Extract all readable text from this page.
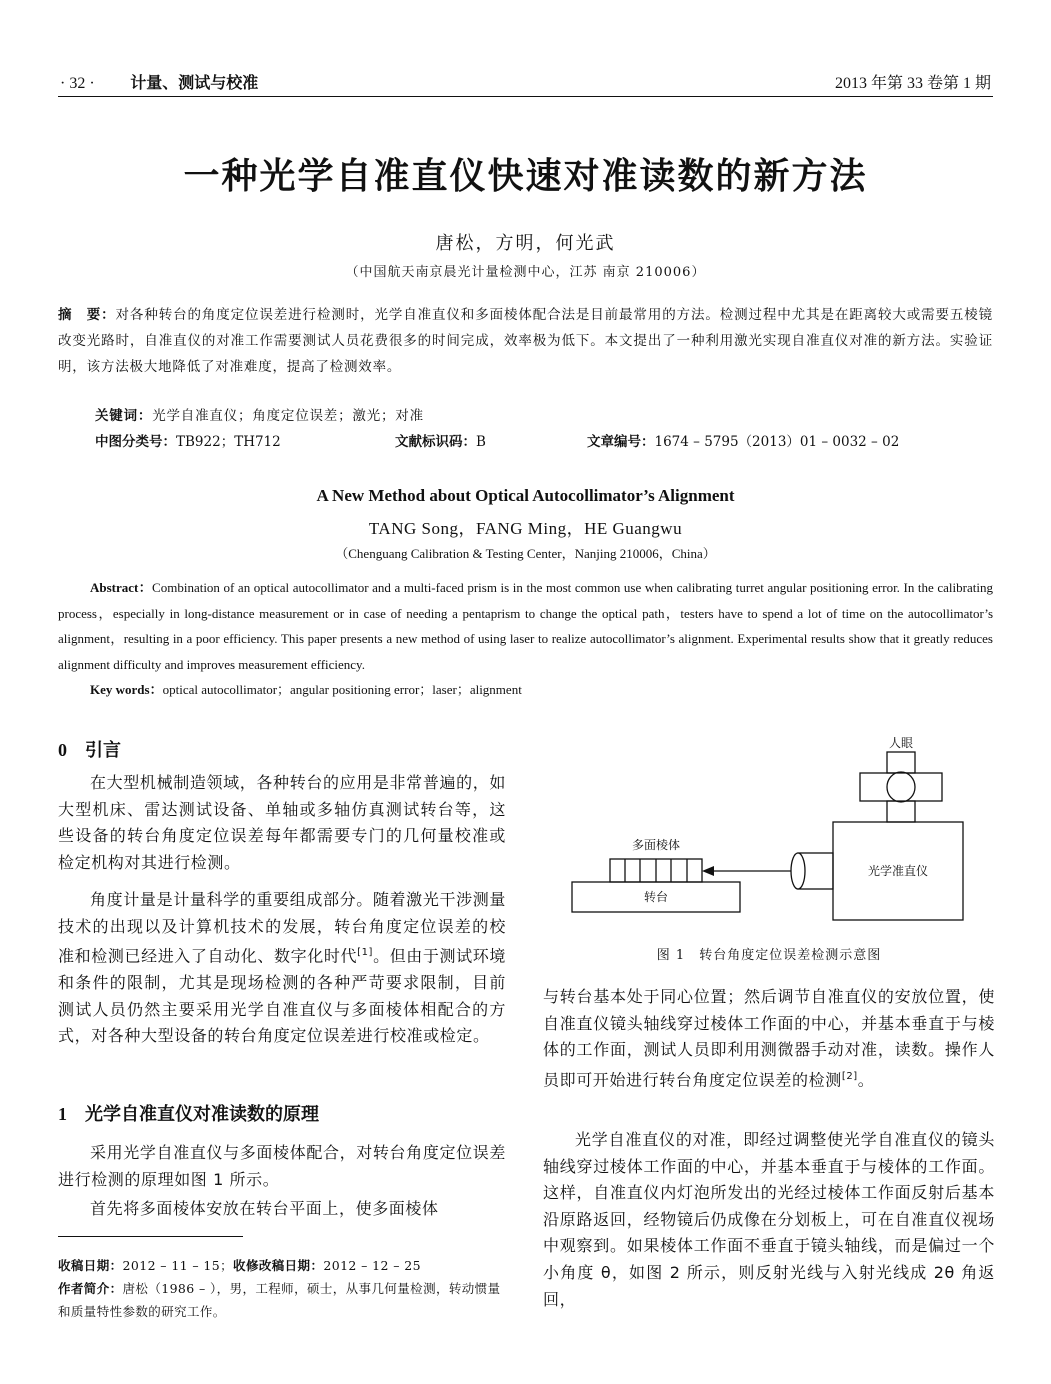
· 32 · 计量、测试与校准	2013 年第 33 卷第 1 期
一种光学自准直仪快速对准读数的新方法
唐松，方明，何光武
（中国航天南京晨光计量检测中心，江苏 南京 210006）
摘　要：对各种转台的角度定位误差进行检测时，光学自准直仪和多面棱体配合法是目前最常用的方法。检测过程中尤其是在距离较大或需要五棱镜改变光路时，自准直仪的对准工作需要测试人员花费很多的时间完成，效率极为低下。本文提出了一种利用激光实现自准直仪对准的新方法。实验证明，该方法极大地降低了对准难度，提高了检测效率。
关键词：光学自准直仪；角度定位误差；激光；对准
中图分类号：TB922；TH712	文献标识码：B	文章编号：1674 – 5795（2013）01 – 0032 – 02
A New Method about Optical Autocollimator’s Alignment
TANG Song，FANG Ming，HE Guangwu
（Chenguang Calibration & Testing Center，Nanjing 210006，China）
Abstract：Combination of an optical autocollimator and a multi-faced prism is in the most common use when calibrating turret angular positioning error. In the calibrating process，especially in long-distance measurement or in case of needing a pentaprism to change the optical path，testers have to spend a lot of time on the autocollimator’s alignment，resulting in a poor efficiency. This paper presents a new method of using laser to realize autocollimator’s alignment. Experimental results show that it greatly reduces alignment difficulty and improves measurement efficiency.
Key words：optical autocollimator；angular positioning error；laser；alignment
0 引言
在大型机械制造领域，各种转台的应用是非常普遍的，如大型机床、雷达测试设备、单轴或多轴仿真测试转台等，这些设备的转台角度定位误差每年都需要专门的几何量校准或检定机构对其进行检测。
角度计量是计量科学的重要组成部分。随着激光干涉测量技术的出现以及计算机技术的发展，转台角度定位误差的校准和检测已经进入了自动化、数字化时代[1]。但由于测试环境和条件的限制，尤其是现场检测的各种严苛要求限制，目前测试人员仍然主要采用光学自准直仪与多面棱体相配合的方式，对各种大型设备的转台角度定位误差进行校准或检定。
1 光学自准直仪对准读数的原理
采用光学自准直仪与多面棱体配合，对转台角度定位误差进行检测的原理如图 1 所示。
首先将多面棱体安放在转台平面上，使多面棱体
收稿日期：2012 – 11 – 15；收修改稿日期：2012 – 12 – 25
作者简介：唐松（1986 – ），男，工程师，硕士，从事几何量检测，转动惯量和质量特性参数的研究工作。
人眼
多面棱体
转台
光学准直仪
图 1　转台角度定位误差检测示意图
与转台基本处于同心位置；然后调节自准直仪的安放位置，使自准直仪镜头轴线穿过棱体工作面的中心，并基本垂直于与棱体的工作面，测试人员即利用测微器手动对准，读数。操作人员即可开始进行转台角度定位误差的检测[2]。
光学自准直仪的对准，即经过调整使光学自准直仪的镜头轴线穿过棱体工作面的中心，并基本垂直于与棱体的工作面。这样，自准直仪内灯泡所发出的光经过棱体工作面反射后基本沿原路返回，经物镜后仍成像在分划板上，可在自准直仪视场中观察到。如果棱体工作面不垂直于镜头轴线，而是偏过一个小角度 θ，如图 2 所示，则反射光线与入射光线成 2θ 角返回，
